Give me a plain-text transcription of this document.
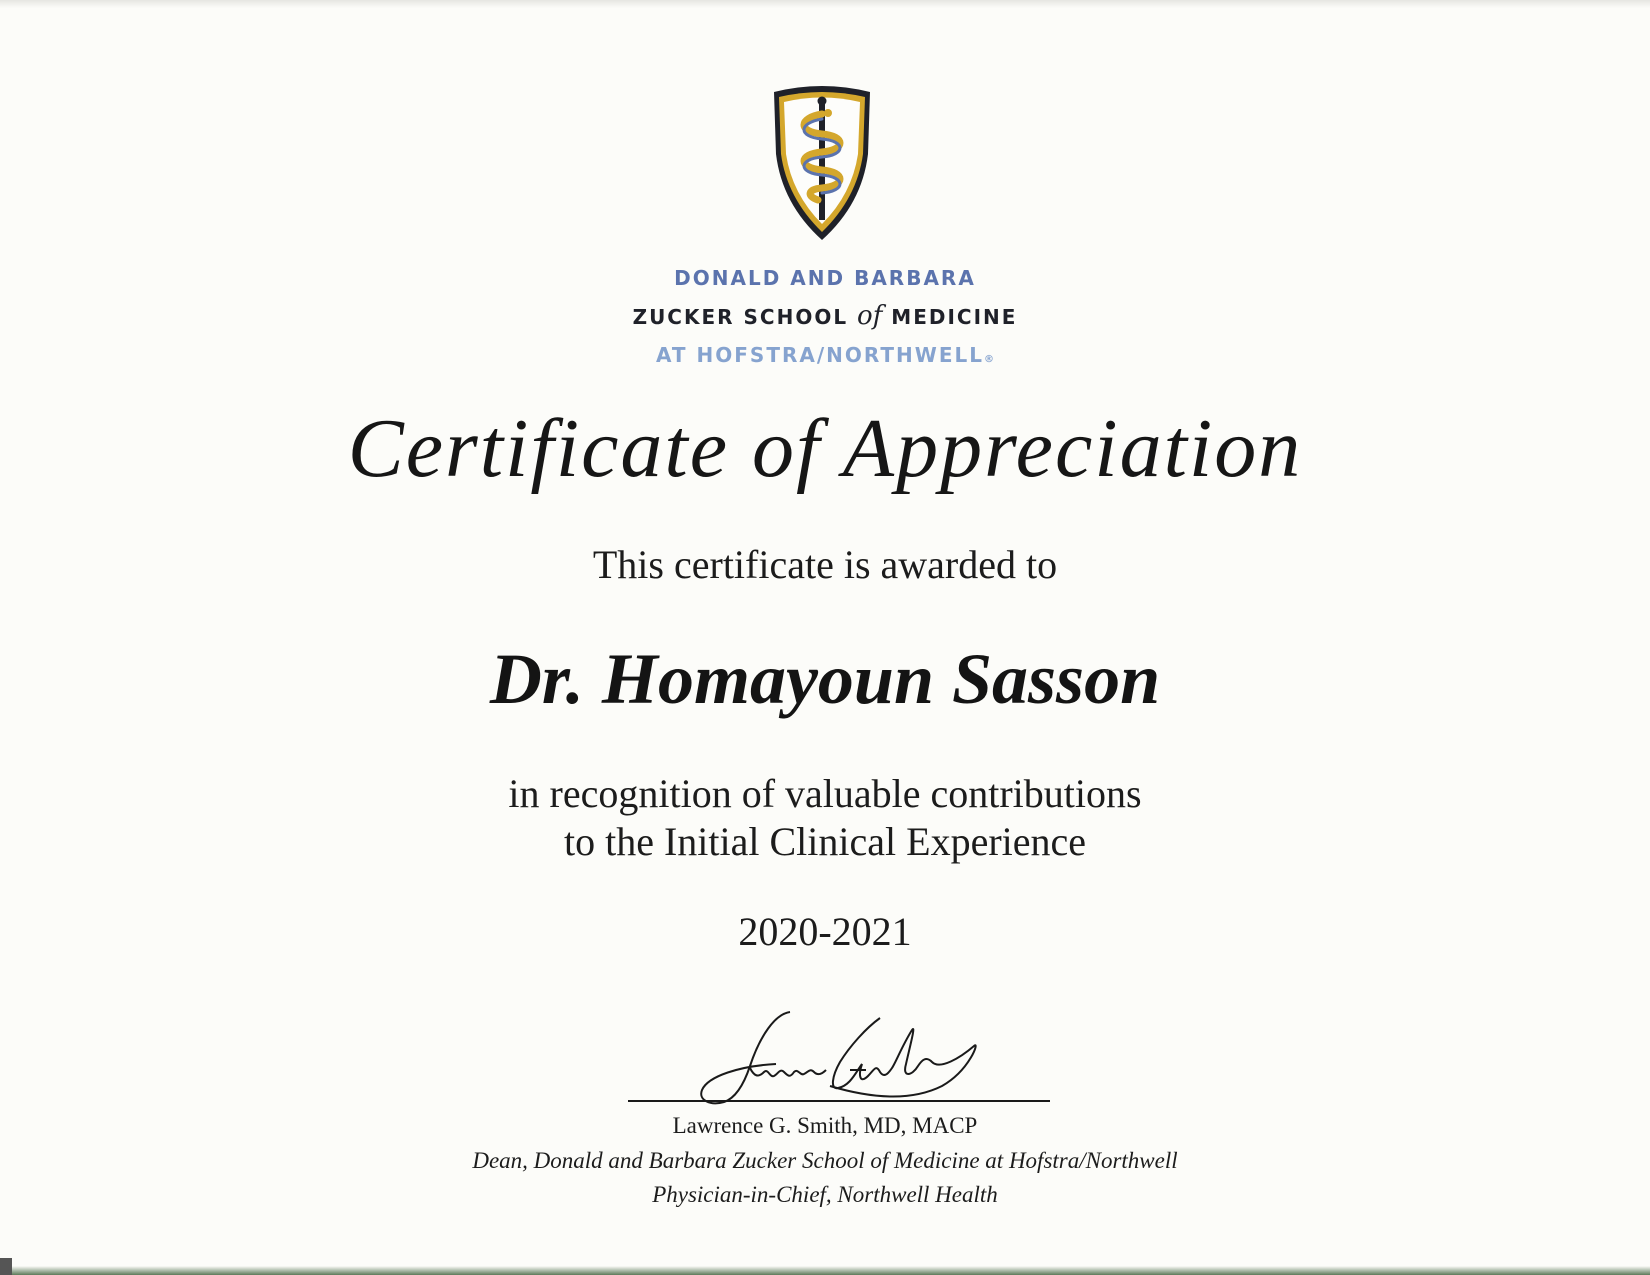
DONALD AND BARBARA
ZUCKER SCHOOL of MEDICINE
AT HOFSTRA/NORTHWELL®
Certificate of Appreciation
This certificate is awarded to
Dr. Homayoun Sasson
in recognition of valuable contributions
to the Initial Clinical Experience
2020-2021
Lawrence G. Smith, MD, MACP
Dean, Donald and Barbara Zucker School of Medicine at Hofstra/Northwell
Physician-in-Chief, Northwell Health
